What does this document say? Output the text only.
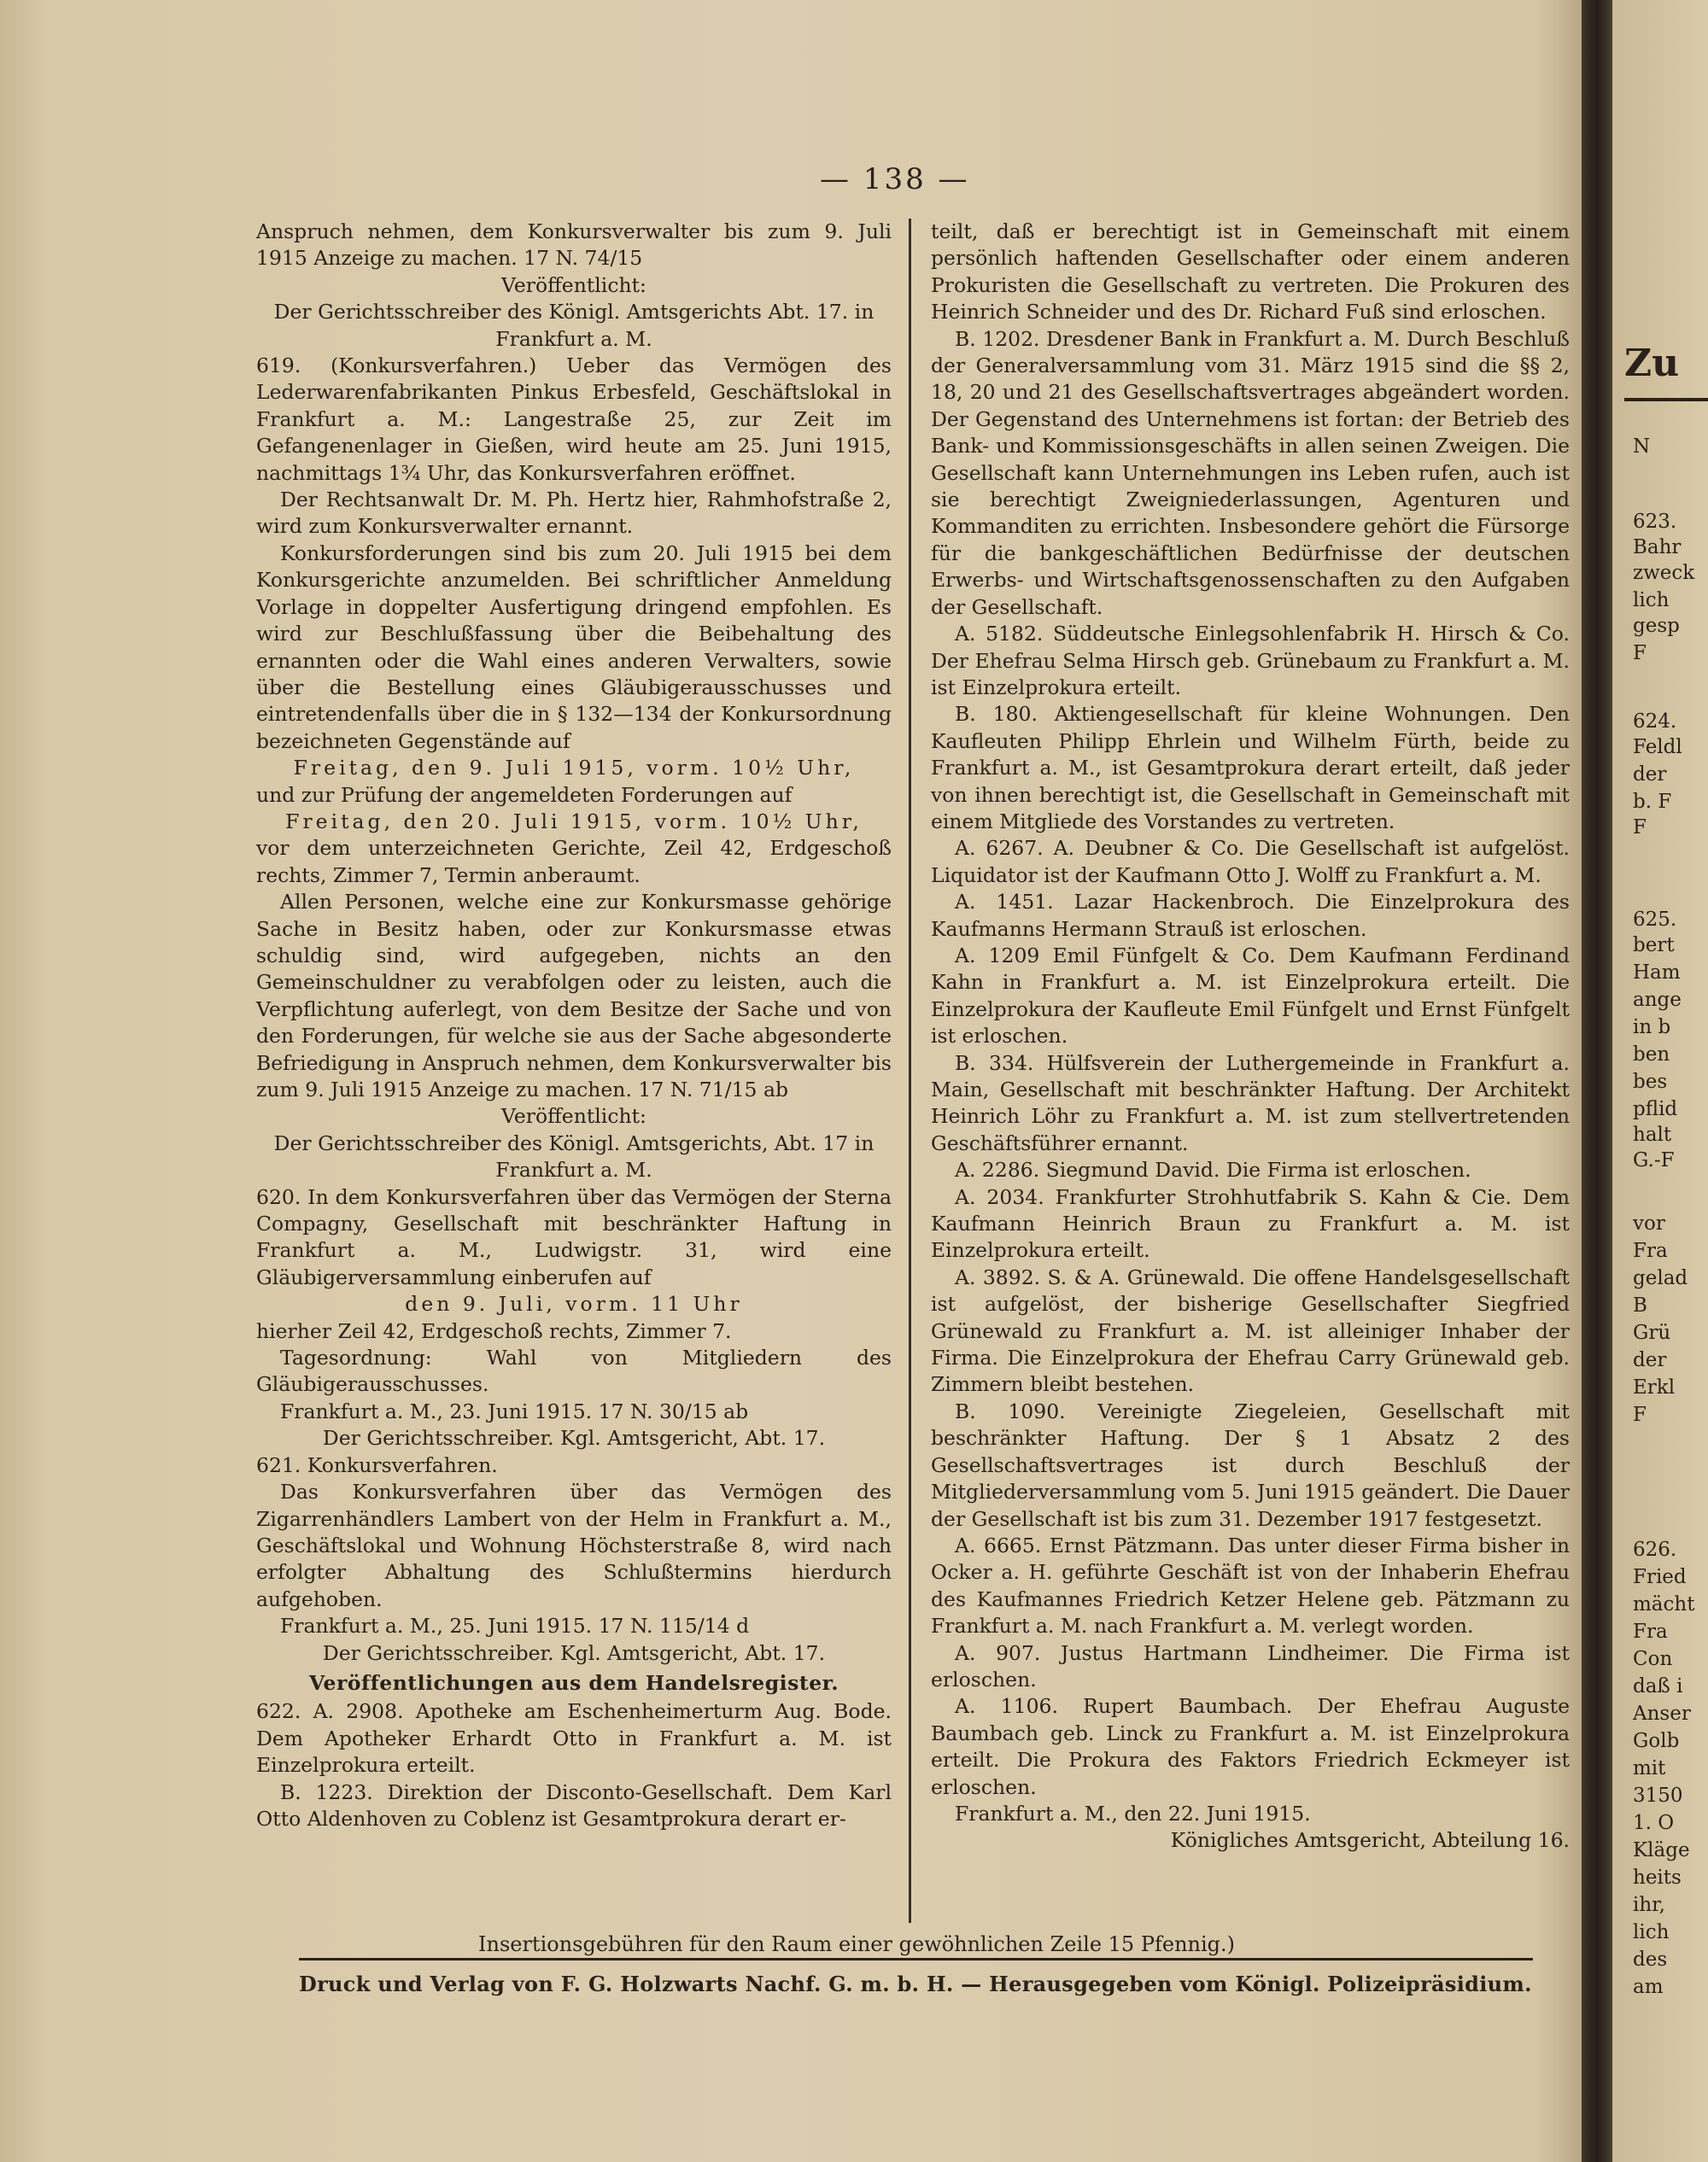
— 138 —

Anspruch nehmen, dem Konkursverwalter bis zum 9. Juli 1915 Anzeige zu machen. 17 N. 74/15

Veröffentlicht:

Der Gerichtsschreiber des Königl. Amtsgerichts Abt. 17. in Frankfurt a. M.

619. (Konkursverfahren.) Ueber das Vermögen des Lederwarenfabrikanten Pinkus Erbesfeld, Geschäftslokal in Frankfurt a. M.: Langestraße 25, zur Zeit im Gefangenenlager in Gießen, wird heute am 25. Juni 1915, nachmittags 1¾ Uhr, das Konkursverfahren eröffnet.

Der Rechtsanwalt Dr. M. Ph. Hertz hier, Rahmhofstraße 2, wird zum Konkursverwalter ernannt.

Konkursforderungen sind bis zum 20. Juli 1915 bei dem Konkursgerichte anzumelden. Bei schriftlicher Anmeldung Vorlage in doppelter Ausfertigung dringend empfohlen. Es wird zur Beschlußfassung über die Beibehaltung des ernannten oder die Wahl eines anderen Verwalters, sowie über die Bestellung eines Gläubigerausschusses und eintretendenfalls über die in § 132—134 der Konkursordnung bezeichneten Gegenstände auf

Freitag, den 9. Juli 1915, vorm. 10½ Uhr,

und zur Prüfung der angemeldeten Forderungen auf

Freitag, den 20. Juli 1915, vorm. 10½ Uhr,

vor dem unterzeichneten Gerichte, Zeil 42, Erdgeschoß rechts, Zimmer 7, Termin anberaumt.

Allen Personen, welche eine zur Konkursmasse gehörige Sache in Besitz haben, oder zur Konkursmasse etwas schuldig sind, wird aufgegeben, nichts an den Gemeinschuldner zu verabfolgen oder zu leisten, auch die Verpflichtung auferlegt, von dem Besitze der Sache und von den Forderungen, für welche sie aus der Sache abgesonderte Befriedigung in Anspruch nehmen, dem Konkursverwalter bis zum 9. Juli 1915 Anzeige zu machen. 17 N. 71/15 ab

Veröffentlicht:

Der Gerichtsschreiber des Königl. Amtsgerichts, Abt. 17 in Frankfurt a. M.

620. In dem Konkursverfahren über das Vermögen der Sterna Compagny, Gesellschaft mit beschränkter Haftung in Frankfurt a. M., Ludwigstr. 31, wird eine Gläubigerversammlung einberufen auf

den 9. Juli, vorm. 11 Uhr

hierher Zeil 42, Erdgeschoß rechts, Zimmer 7.

Tagesordnung: Wahl von Mitgliedern des Gläubigerausschusses.

Frankfurt a. M., 23. Juni 1915. 17 N. 30/15 ab

Der Gerichtsschreiber. Kgl. Amtsgericht, Abt. 17.

621. Konkursverfahren.

Das Konkursverfahren über das Vermögen des Zigarrenhändlers Lambert von der Helm in Frankfurt a. M., Geschäftslokal und Wohnung Höchsterstraße 8, wird nach erfolgter Abhaltung des Schlußtermins hierdurch aufgehoben.

Frankfurt a. M., 25. Juni 1915. 17 N. 115/14 d

Der Gerichtsschreiber. Kgl. Amtsgericht, Abt. 17.

Veröffentlichungen aus dem Handelsregister.

622. A. 2908. Apotheke am Eschenheimerturm Aug. Bode. Dem Apotheker Erhardt Otto in Frankfurt a. M. ist Einzelprokura erteilt.

B. 1223. Direktion der Disconto-Gesellschaft. Dem Karl Otto Aldenhoven zu Coblenz ist Gesamtprokura derart er-

teilt, daß er berechtigt ist in Gemeinschaft mit einem persönlich haftenden Gesellschafter oder einem anderen Prokuristen die Gesellschaft zu vertreten. Die Prokuren des Heinrich Schneider und des Dr. Richard Fuß sind erloschen.

B. 1202. Dresdener Bank in Frankfurt a. M. Durch Beschluß der Generalversammlung vom 31. März 1915 sind die §§ 2, 18, 20 und 21 des Gesellschaftsvertrages abgeändert worden. Der Gegenstand des Unternehmens ist fortan: der Betrieb des Bank- und Kommissionsgeschäfts in allen seinen Zweigen. Die Gesellschaft kann Unternehmungen ins Leben rufen, auch ist sie berechtigt Zweigniederlassungen, Agenturen und Kommanditen zu errichten. Insbesondere gehört die Fürsorge für die bankgeschäftlichen Bedürfnisse der deutschen Erwerbs- und Wirtschaftsgenossenschaften zu den Aufgaben der Gesellschaft.

A. 5182. Süddeutsche Einlegsohlenfabrik H. Hirsch & Co. Der Ehefrau Selma Hirsch geb. Grünebaum zu Frankfurt a. M. ist Einzelprokura erteilt.

B. 180. Aktiengesellschaft für kleine Wohnungen. Den Kaufleuten Philipp Ehrlein und Wilhelm Fürth, beide zu Frankfurt a. M., ist Gesamtprokura derart erteilt, daß jeder von ihnen berechtigt ist, die Gesellschaft in Gemeinschaft mit einem Mitgliede des Vorstandes zu vertreten.

A. 6267. A. Deubner & Co. Die Gesellschaft ist aufgelöst. Liquidator ist der Kaufmann Otto J. Wolff zu Frankfurt a. M.

A. 1451. Lazar Hackenbroch. Die Einzelprokura des Kaufmanns Hermann Strauß ist erloschen.

A. 1209 Emil Fünfgelt & Co. Dem Kaufmann Ferdinand Kahn in Frankfurt a. M. ist Einzelprokura erteilt. Die Einzelprokura der Kaufleute Emil Fünfgelt und Ernst Fünfgelt ist erloschen.

B. 334. Hülfsverein der Luthergemeinde in Frankfurt a. Main, Gesellschaft mit beschränkter Haftung. Der Architekt Heinrich Löhr zu Frankfurt a. M. ist zum stellvertretenden Geschäftsführer ernannt.

A. 2286. Siegmund David. Die Firma ist erloschen.

A. 2034. Frankfurter Strohhutfabrik S. Kahn & Cie. Dem Kaufmann Heinrich Braun zu Frankfurt a. M. ist Einzelprokura erteilt.

A. 3892. S. & A. Grünewald. Die offene Handelsgesellschaft ist aufgelöst, der bisherige Gesellschafter Siegfried Grünewald zu Frankfurt a. M. ist alleiniger Inhaber der Firma. Die Einzelprokura der Ehefrau Carry Grünewald geb. Zimmern bleibt bestehen.

B. 1090. Vereinigte Ziegeleien, Gesellschaft mit beschränkter Haftung. Der § 1 Absatz 2 des Gesellschaftsvertrages ist durch Beschluß der Mitgliederversammlung vom 5. Juni 1915 geändert. Die Dauer der Gesellschaft ist bis zum 31. Dezember 1917 festgesetzt.

A. 6665. Ernst Pätzmann. Das unter dieser Firma bisher in Ocker a. H. geführte Geschäft ist von der Inhaberin Ehefrau des Kaufmannes Friedrich Ketzer Helene geb. Pätzmann zu Frankfurt a. M. nach Frankfurt a. M. verlegt worden.

A. 907. Justus Hartmann Lindheimer. Die Firma ist erloschen.

A. 1106. Rupert Baumbach. Der Ehefrau Auguste Baumbach geb. Linck zu Frankfurt a. M. ist Einzelprokura erteilt. Die Prokura des Faktors Friedrich Eckmeyer ist erloschen.

Frankfurt a. M., den 22. Juni 1915.

Königliches Amtsgericht, Abteilung 16.

Insertionsgebühren für den Raum einer gewöhnlichen Zeile 15 Pfennig.)
Druck und Verlag von F. G. Holzwarts Nachf. G. m. b. H. — Herausgegeben vom Königl. Polizeipräsidium.
Zu
N
623.
Bahr
zweck
lich
gesp
F
624.
Feldl
der
b. F
F
625.
bert
Ham
ange
in b
ben
bes
pflid
halt
G.-F
vor
Fra
gelad
B
Grü
der
Erkl
F
626.
Fried
mächt
Fra
Con
daß i
Anser
Golb
mit
3150
1. O
Kläge
heits
ihr,
lich
des
am
